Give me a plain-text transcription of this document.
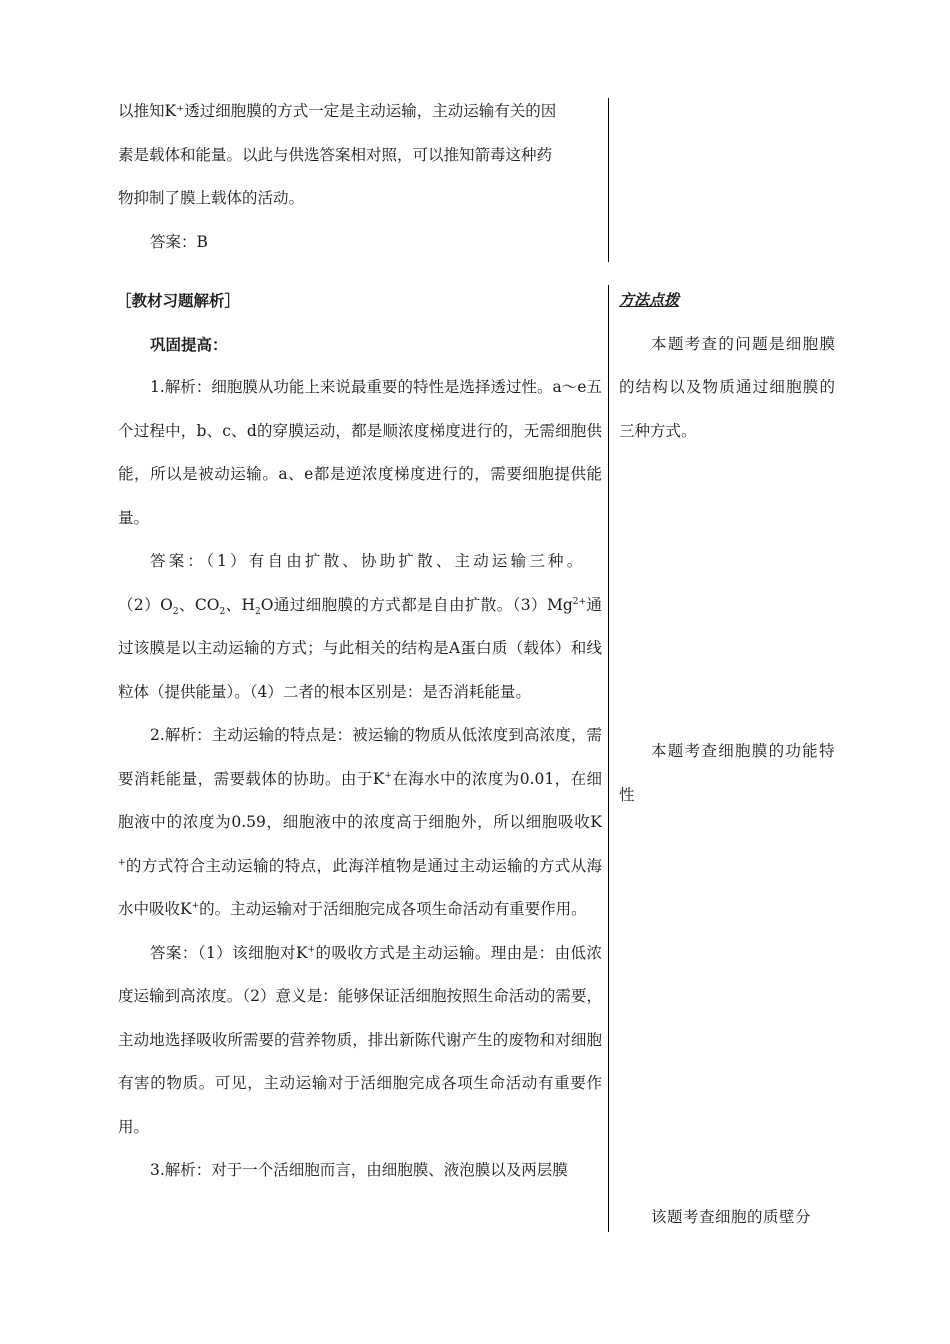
以推知K⁺透过细胞膜的方式一定是主动运输，主动运输有关的因

素是载体和能量。以此与供选答案相对照，可以推知箭毒这种药

物抑制了膜上载体的活动。

答案：B

［教材习题解析］

巩固提高：

1.解析：细胞膜从功能上来说最重要的特性是选择透过性。a～e五个过程中，b、c、d的穿膜运动，都是顺浓度梯度进行的，无需细胞供能，所以是被动运输。a、e都是逆浓度梯度进行的，需要细胞提供能量。

答案：（1）有自由扩散、协助扩散、主动运输三种。

$(2)O_2$、$CO_2$、$H_2O$通过细胞膜的方式都是自由扩散。$(3)Mg^{2+}$通过该膜是以主动运输的方式；与此相关的结构是A蛋白质（载体）和线粒体（提供能量）。（4）二者的根本区别是：是否消耗能量。

2.解析：主动运输的特点是：被运输的物质从低浓度到高浓度，需要消耗能量，需要载体的协助。由于K+在海水中的浓度为0.01，在细胞液中的浓度为0.59，细胞液中的浓度高于细胞外，所以细胞吸收K+的方式符合主动运输的特点，此海洋植物是通过主动运输的方式从海水中吸收K+的。主动运输对于活细胞完成各项生命活动有重要作用。

答案：（1）该细胞对K+的吸收方式是主动运输。理由是：由低浓度运输到高浓度。（2）意义是：能够保证活细胞按照生命活动的需要，主动地选择吸收所需要的营养物质，排出新陈代谢产生的废物和对细胞有害的物质。可见，主动运输对于活细胞完成各项生命活动有重要作用。

3.解析：对于一个活细胞而言，由细胞膜、液泡膜以及两层膜

方法点拨

本题考查的问题是细胞膜的结构以及物质通过细胞膜的三种方式。

本题考查细胞膜的功能特性

该题考查细胞的质壁分
